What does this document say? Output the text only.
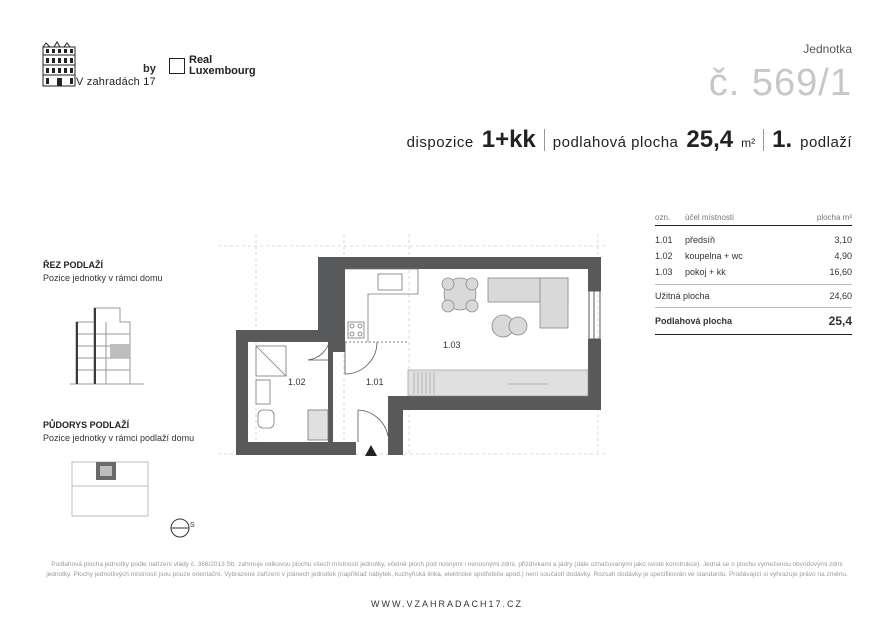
V zahradách 17
by
Real
Luxembourg
Jednotka
č. 569/1
dispozice 1+kk podlahová plocha 25,4 m² 1. podlaží
ozn.	účel místnosti	plocha m²
1.01	předsíň	3,10
1.02	koupelna + wc	4,90
1.03	pokoj + kk	16,60
Užitná plocha	24,60
Podlahová plocha	25,4
ŘEZ PODLAŽÍ
Pozice jednotky v rámci domu
PŮDORYS PODLAŽÍ
Pozice jednotky v rámci podlaží domu
S
1.03
1.02	1.01
Podlahová plocha jednotky podle nařízení vlády č. 366/2013 Sb. zahrnuje celkovou plochu všech místností jednotky, včetně ploch pod nosnými i nenosnými zdmi, přizdívkami a jádry (dále označovanými jako svislé konstrukce). Jedná se o plochu vymezenou obvodovými zdmi jednotky. Plochy jednotlivých místností jsou pouze orientační. Vybrazené zařízení v plánech jednotek (například nábytek, kuchyňská linka, elektrické spotřebiče apod.) není součástí dodávky. Rozsah dodávky je specifikován ve standardu. Prodávající si vyhrazuje právo na změnu.
WWW.VZAHRADACH17.CZ
